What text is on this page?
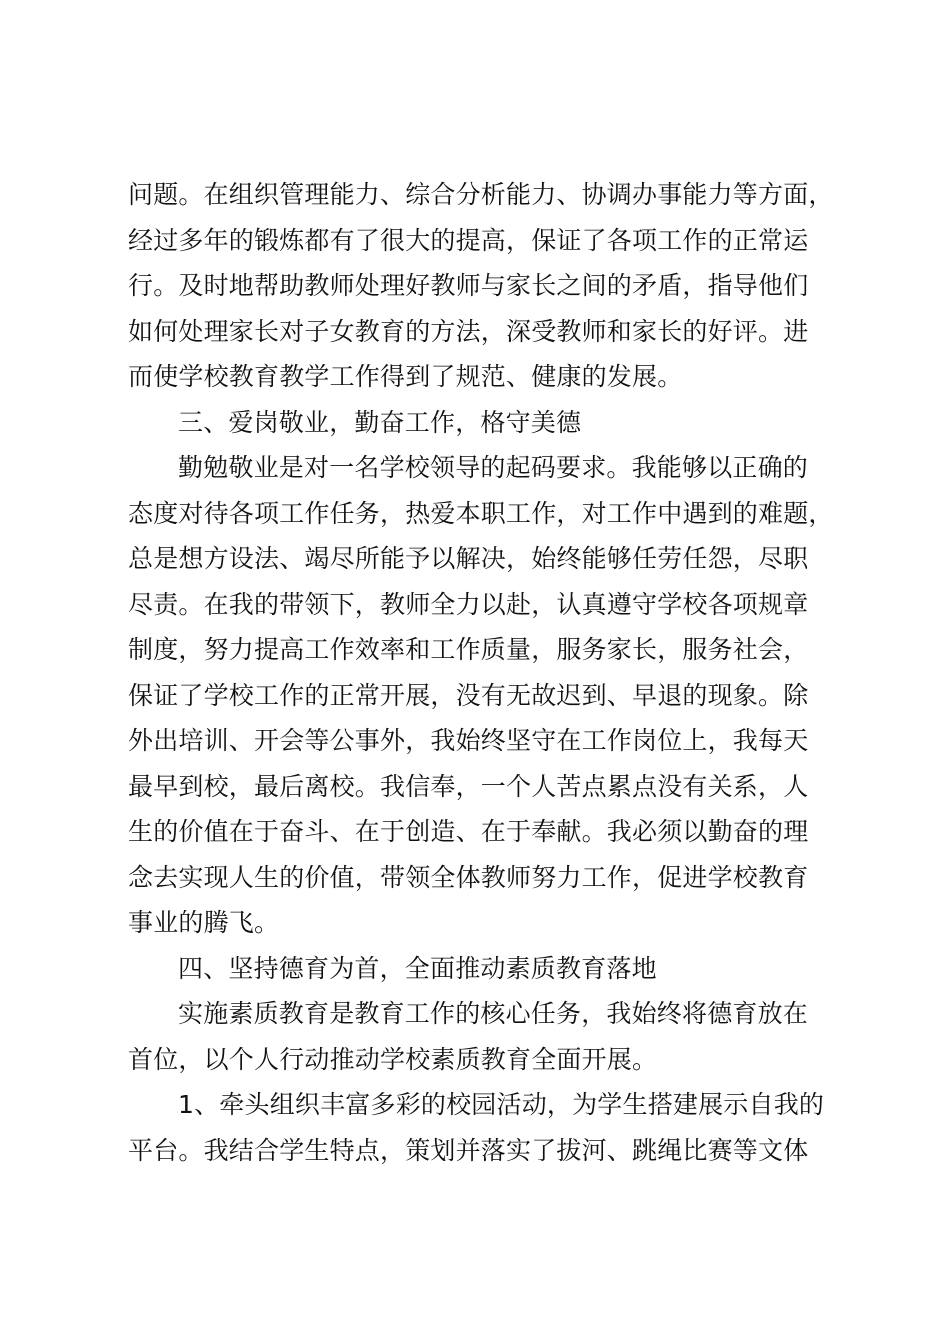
问题。在组织管理能力、综合分析能力、协调办事能力等方面，
经过多年的锻炼都有了很大的提高，保证了各项工作的正常运
行。及时地帮助教师处理好教师与家长之间的矛盾，指导他们
如何处理家长对子女教育的方法，深受教师和家长的好评。进
而使学校教育教学工作得到了规范、健康的发展。
三、爱岗敬业，勤奋工作，格守美德
勤勉敬业是对一名学校领导的起码要求。我能够以正确的
态度对待各项工作任务，热爱本职工作，对工作中遇到的难题，
总是想方设法、竭尽所能予以解决，始终能够任劳任怨，尽职
尽责。在我的带领下，教师全力以赴，认真遵守学校各项规章
制度，努力提高工作效率和工作质量，服务家长，服务社会，
保证了学校工作的正常开展，没有无故迟到、早退的现象。除
外出培训、开会等公事外，我始终坚守在工作岗位上，我每天
最早到校，最后离校。我信奉，一个人苦点累点没有关系，人
生的价值在于奋斗、在于创造、在于奉献。我必须以勤奋的理
念去实现人生的价值，带领全体教师努力工作，促进学校教育
事业的腾飞。
四、坚持德育为首，全面推动素质教育落地
实施素质教育是教育工作的核心任务，我始终将德育放在
首位，以个人行动推动学校素质教育全面开展。
1、牵头组织丰富多彩的校园活动，为学生搭建展示自我的
平台。我结合学生特点，策划并落实了拔河、跳绳比赛等文体
